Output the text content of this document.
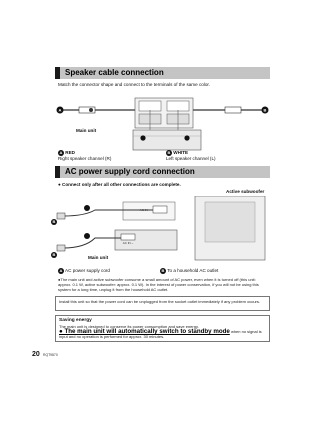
Speaker cable connection
Match the connector shape and connect to the terminals of the same color.
A	B
Main unit
A RED
Right speaker channel (R)
B WHITE
Left speaker channel (L)
AC power supply cord connection
● Connect only after all other connections are complete.
Active subwoofer
AC IN ~
AC IN ~
B
B
Main unit
A AC power supply cord	B To a household AC outlet
●The main unit and active subwoofer consume a small amount of AC power, even when it is turned off (this unit: approx. 0.1 W, active subwoofer: approx. 0.1 W). In the interest of power conservation, if you will not be using this system for a long time, unplug it from the household AC outlet.
Install this unit so that the power cord can be unplugged from the socket outlet immediately if any problem occurs.
Saving energy
The main unit is designed to conserve its power consumption and save energy.
● The main unit will automatically switch to standby mode when no signal is input and no operation is performed for approx. 30 minutes.
20 RQT9870
